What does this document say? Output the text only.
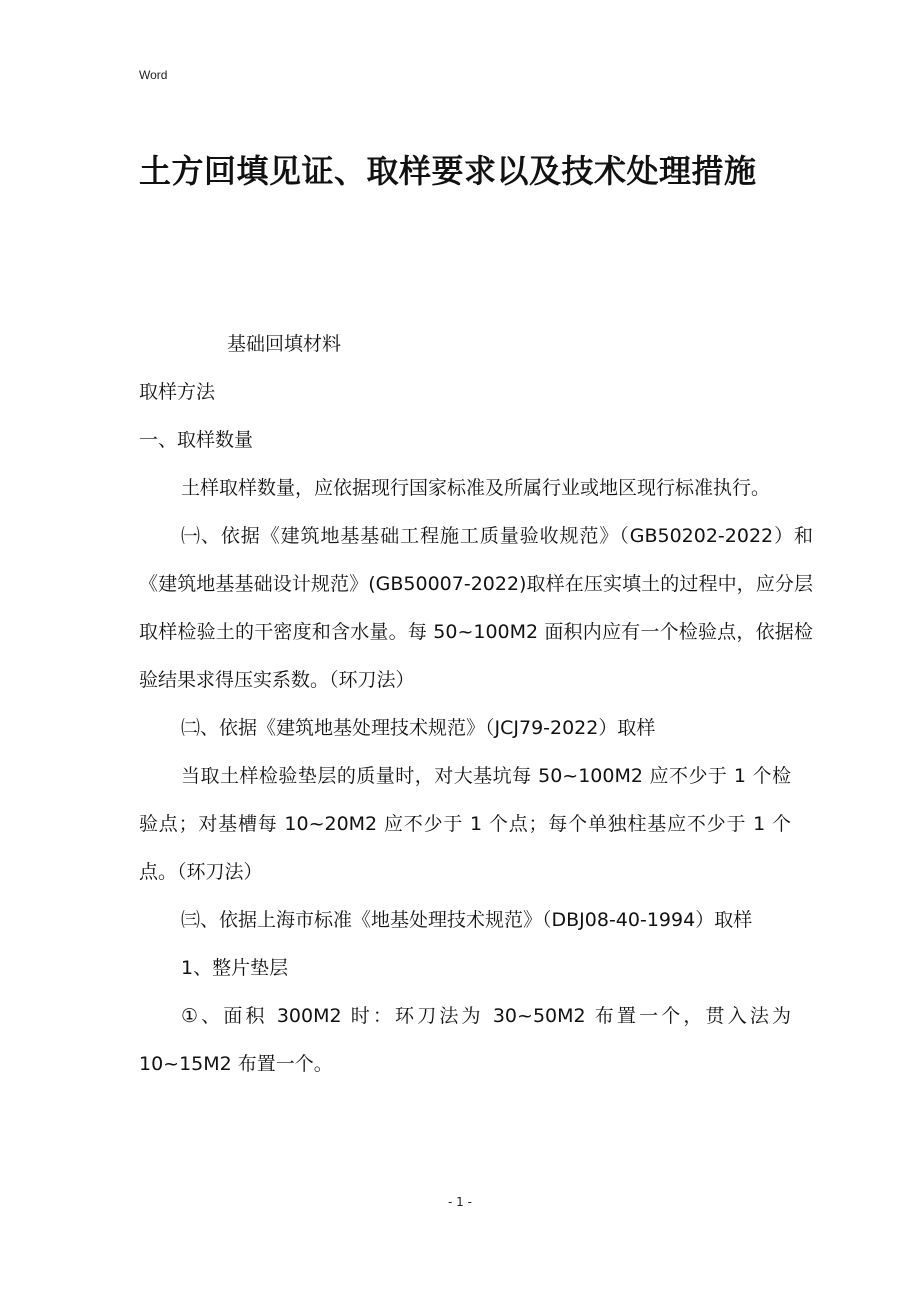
Word
土方回填见证、取样要求以及技术处理措施

基础回填材料

取样方法

一、取样数量

土样取样数量，应依据现行国家标准及所属行业或地区现行标准执行。

㈠、依据《建筑地基基础工程施工质量验收规范》（GB50202-2022）和《建筑地基基础设计规范》(GB50007-2022)取样在压实填土的过程中，应分层取样检验土的干密度和含水量。每 50~100M2 面积内应有一个检验点，依据检验结果求得压实系数。（环刀法）

㈡、依据《建筑地基处理技术规范》（JCJ79-2022）取样

当取土样检验垫层的质量时，对大基坑每 50~100M2 应不少于 1 个检验点；对基槽每 10~20M2 应不少于 1 个点；每个单独柱基应不少于 1 个点。（环刀法）

㈢、依据上海市标准《地基处理技术规范》（DBJ08-40-1994）取样

1、整片垫层

①、面积 300M2 时：环刀法为 30~50M2 布置一个，贯入法为 10~15M2 布置一个。

- 1 -
